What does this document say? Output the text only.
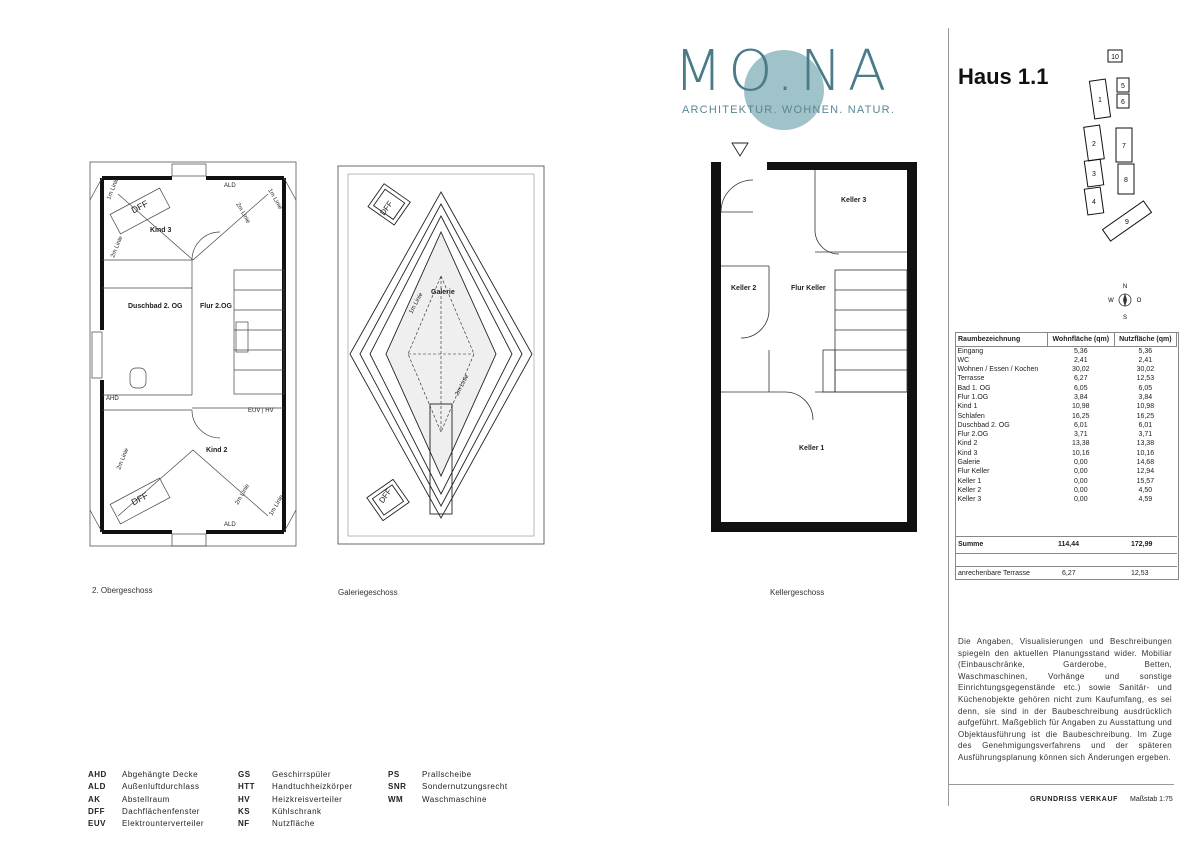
MO.NA
ARCHITEKTUR. WOHNEN. NATUR.
Haus 1.1
10
5
6
1
2	7
3
8
4
9
N
S
W	O
Raumbezeichnung	Wohnfläche (qm)	Nutzfläche (qm)
Eingang	5,36	5,36
WC	2,41	2,41
Wohnen / Essen / Kochen	30,02	30,02
Terrasse	6,27	12,53
Bad 1. OG	6,05	6,05
Flur 1.OG	3,84	3,84
Kind 1	10,98	10,98
Schlafen	16,25	16,25
Duschbad 2. OG	6,01	6,01
Flur 2.OG	3,71	3,71
Kind 2	13,38	13,38
Kind 3	10,16	10,16
Galerie	0,00	14,68
Flur Keller	0,00	12,94
Keller 1	0,00	15,57
Keller 2	0,00	4,50
Keller 3	0,00	4,59
Summe	114,44	172,99
anrechenbare Terrasse	6,27	12,53
Die Angaben, Visualisierungen und Beschreibungen spiegeln den aktuellen Planungsstand wider. Mobiliar (Einbauschränke, Garderobe, Betten, Waschmaschinen, Vorhänge und sonstige Einrichtungsgegenstände etc.) sowie Sanitär- und Küchenobjekte gehören nicht zum Kaufumfang, es sei denn, sie sind in der Baubeschreibung ausdrücklich aufgeführt. Maßgeblich für Angaben zu Ausstattung und Objektausführung ist die Baubeschreibung. Im Zuge des Genehmigungsverfahrens und der späteren Ausführungsplanung können sich Änderungen ergeben.
GRUNDRISS VERKAUF Maßstab 1:75
2. Obergeschoss	Galeriegeschoss	Kellergeschoss
Kind 3
Kind 2
Duschbad 2. OG	Flur 2.OG
DFF
DFF
ALD
ALD
AHD
EUV | HV
1m Linie
2m Linie
2m Linie
1m Linie
2m Linie
2m Linie	1m Linie
Galerie
DFF
DFF
1m Linie
2m Linie
Keller 3
Keller 2	Flur Keller
Keller 1
AHD Abgehängte Decke
ALD Außenluftdurchlass
AK	Abstellraum
DFF Dachflächenfenster
EUV Elektrounterverteiler
GS	Geschirrspüler
HTT Handtuchheizkörper
HV	Heizkreisverteiler
KS	Kühlschrank
NF	Nutzfläche
PS	Prallscheibe
SNR Sondernutzungsrecht
WM Waschmaschine
